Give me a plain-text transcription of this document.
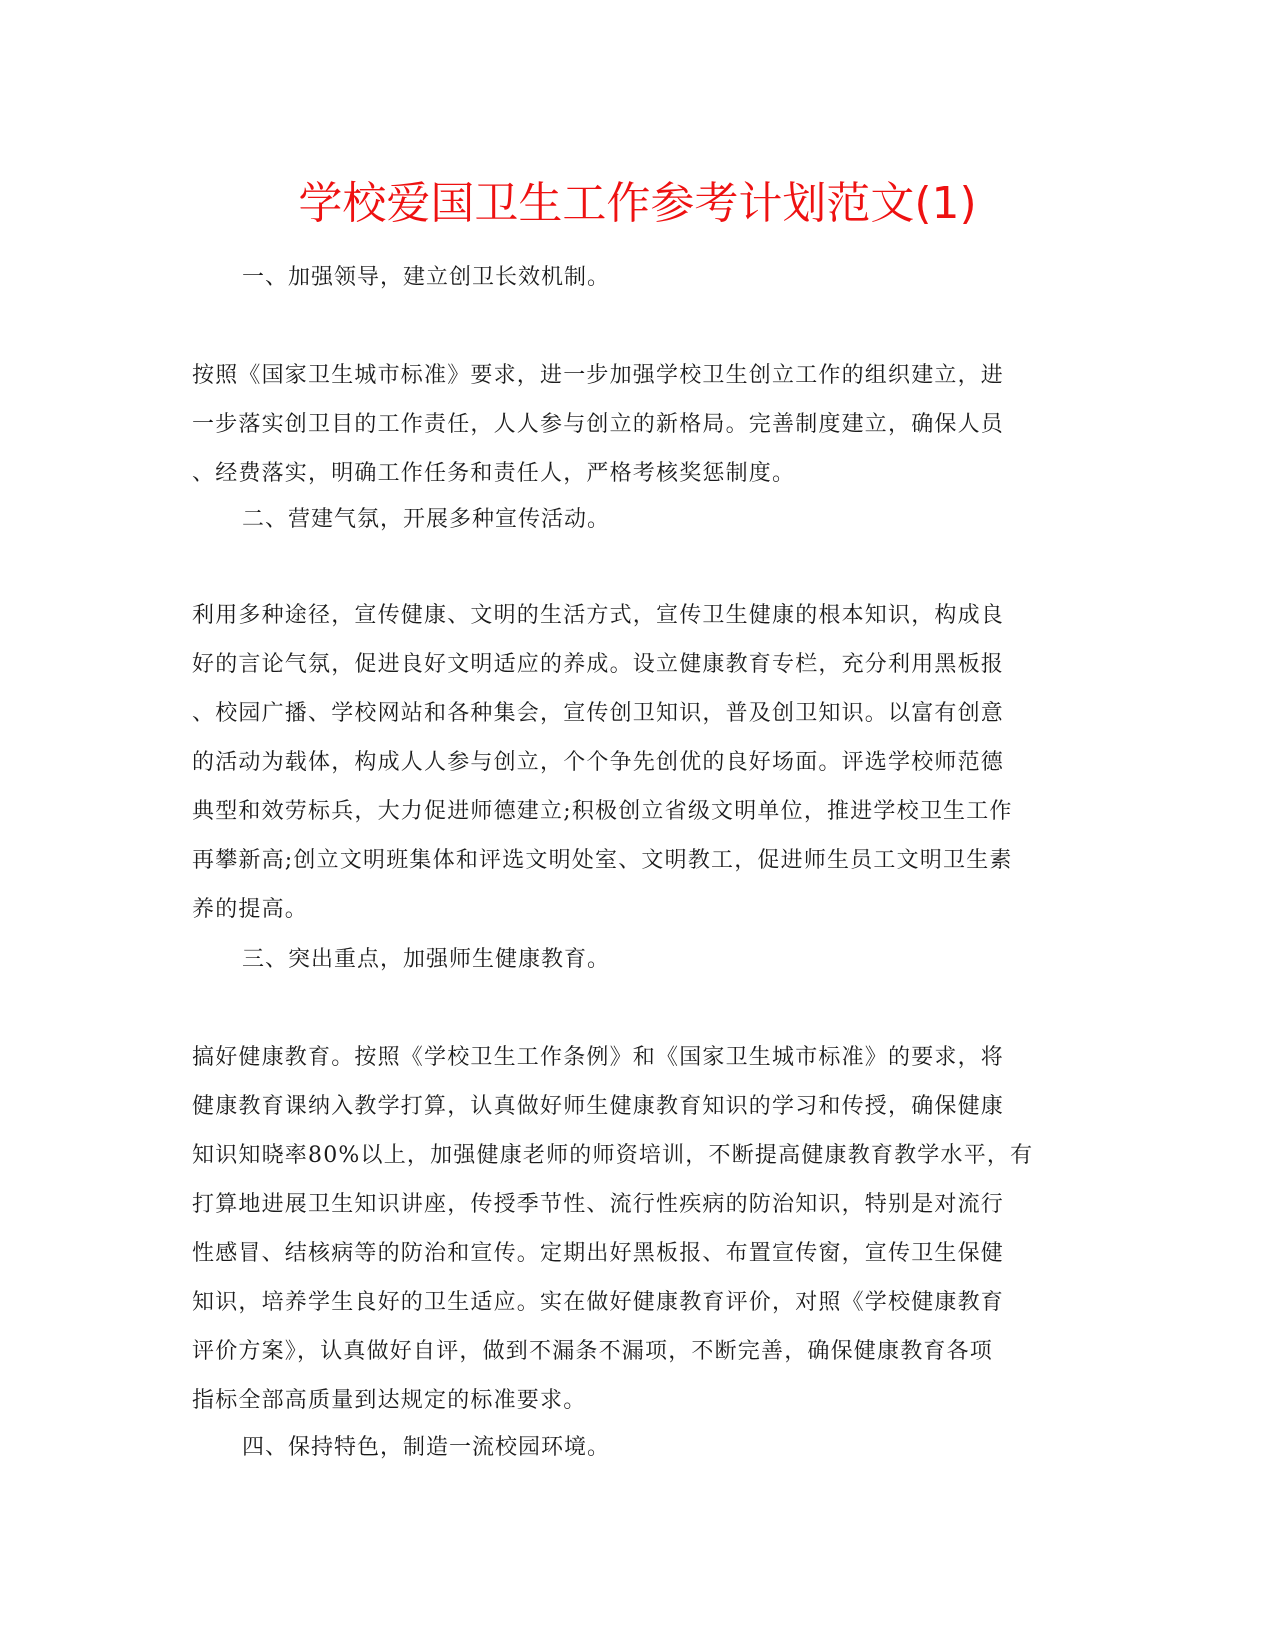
学校爱国卫生工作参考计划范文(1)
一、加强领导，建立创卫长效机制。
按照《国家卫生城市标准》要求，进一步加强学校卫生创立工作的组织建立，进
一步落实创卫目的工作责任，人人参与创立的新格局。完善制度建立，确保人员
、经费落实，明确工作任务和责任人，严格考核奖惩制度。
二、营建气氛，开展多种宣传活动。
利用多种途径，宣传健康、文明的生活方式，宣传卫生健康的根本知识，构成良
好的言论气氛，促进良好文明适应的养成。设立健康教育专栏，充分利用黑板报
、校园广播、学校网站和各种集会，宣传创卫知识，普及创卫知识。以富有创意
的活动为载体，构成人人参与创立，个个争先创优的良好场面。评选学校师范德
典型和效劳标兵，大力促进师德建立;积极创立省级文明单位，推进学校卫生工作
再攀新高;创立文明班集体和评选文明处室、文明教工，促进师生员工文明卫生素
养的提高。
三、突出重点，加强师生健康教育。
搞好健康教育。按照《学校卫生工作条例》和《国家卫生城市标准》的要求，将
健康教育课纳入教学打算，认真做好师生健康教育知识的学习和传授，确保健康
知识知晓率80%以上，加强健康老师的师资培训，不断提高健康教育教学水平，有
打算地进展卫生知识讲座，传授季节性、流行性疾病的防治知识，特别是对流行
性感冒、结核病等的防治和宣传。定期出好黑板报、布置宣传窗，宣传卫生保健
知识，培养学生良好的卫生适应。实在做好健康教育评价，对照《学校健康教育
评价方案》，认真做好自评，做到不漏条不漏项，不断完善，确保健康教育各项
指标全部高质量到达规定的标准要求。
四、保持特色，制造一流校园环境。
